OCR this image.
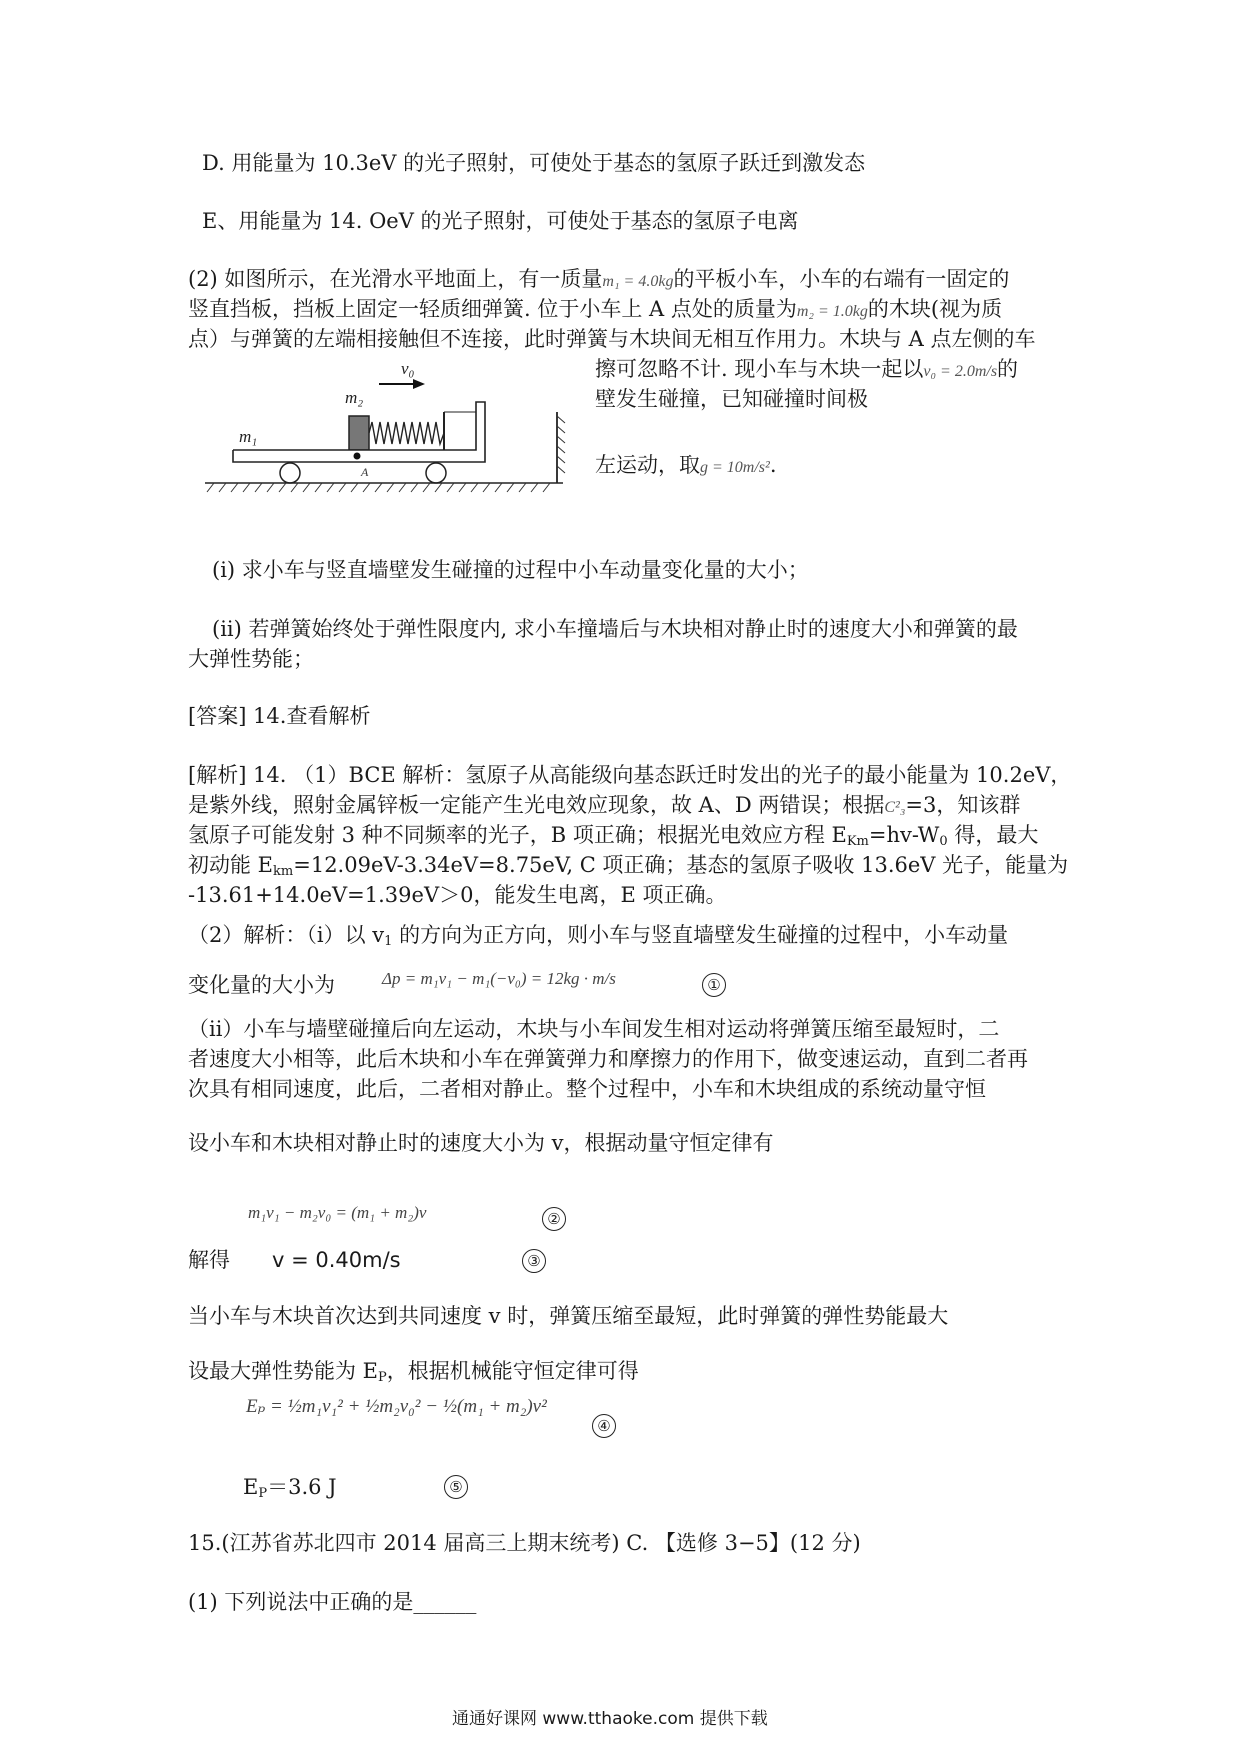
D. 用能量为 10.3eV 的光子照射，可使处于基态的氢原子跃迁到激发态
E、用能量为 14. OeV 的光子照射，可使处于基态的氢原子电离
(2) 如图所示，在光滑水平地面上，有一质量m₁ = 4.0kg的平板小车，小车的右端有一固定的
竖直挡板，挡板上固定一轻质细弹簧. 位于小车上 A 点处的质量为m₂ = 1.0kg的木块(视为质
点）与弹簧的左端相接触但不连接，此时弹簧与木块间无相互作用力。木块与 A 点左侧的车
擦可忽略不计. 现小车与木块一起以v₀ = 2.0m/s的
壁发生碰撞，已知碰撞时间极
左运动，取g = 10m/s².
v₀
m₂
m₁
A
(i) 求小车与竖直墙壁发生碰撞的过程中小车动量变化量的大小；
(ii) 若弹簧始终处于弹性限度内, 求小车撞墙后与木块相对静止时的速度大小和弹簧的最
大弹性势能；
[答案] 14.查看解析
[解析] 14. （1）BCE 解析：氢原子从高能级向基态跃迁时发出的光子的最小能量为 10.2eV，
是紫外线，照射金属锌板一定能产生光电效应现象，故 A、D 两错误；根据C²₃=3，知该群
氢原子可能发射 3 种不同频率的光子，B 项正确；根据光电效应方程 $E_{Km}=hv-W_0$ 得，最大
初动能 $E_{km}=12.09eV-3.34eV=8.75eV$, C 项正确；基态的氢原子吸收 13.6eV 光子，能量为
-13.61+14.0eV=1.39eV＞0，能发生电离，E 项正确。
（2）解析：（ⅰ）以 $v_1$ 的方向为正方向，则小车与竖直墙壁发生碰撞的过程中，小车动量
变化量的大小为	Δp = m₁v₁ − m₁(−v₀) = 12kg · m/s	①
（ⅱ）小车与墙壁碰撞后向左运动，木块与小车间发生相对运动将弹簧压缩至最短时，二
者速度大小相等，此后木块和小车在弹簧弹力和摩擦力的作用下，做变速运动，直到二者再
次具有相同速度，此后，二者相对静止。整个过程中，小车和木块组成的系统动量守恒
设小车和木块相对静止时的速度大小为 v，根据动量守恒定律有
m₁v₁ − m₂v₀ = (m₁ + m₂)v	②
解得 v = 0.40m/s	③
当小车与木块首次达到共同速度 v 时，弹簧压缩至最短，此时弹簧的弹性势能最大
设最大弹性势能为 $E_P$，根据机械能守恒定律可得
Eₚ = ½m₁v₁² + ½m₂v₀² − ½(m₁ + m₂)v²
④
$E_P=3.6$ J	⑤
15.(江苏省苏北四市 2014 届高三上期末统考) C. 【选修 3−5】(12 分)
(1) 下列说法中正确的是______
通通好课网 www.tthaoke.com 提供下载
